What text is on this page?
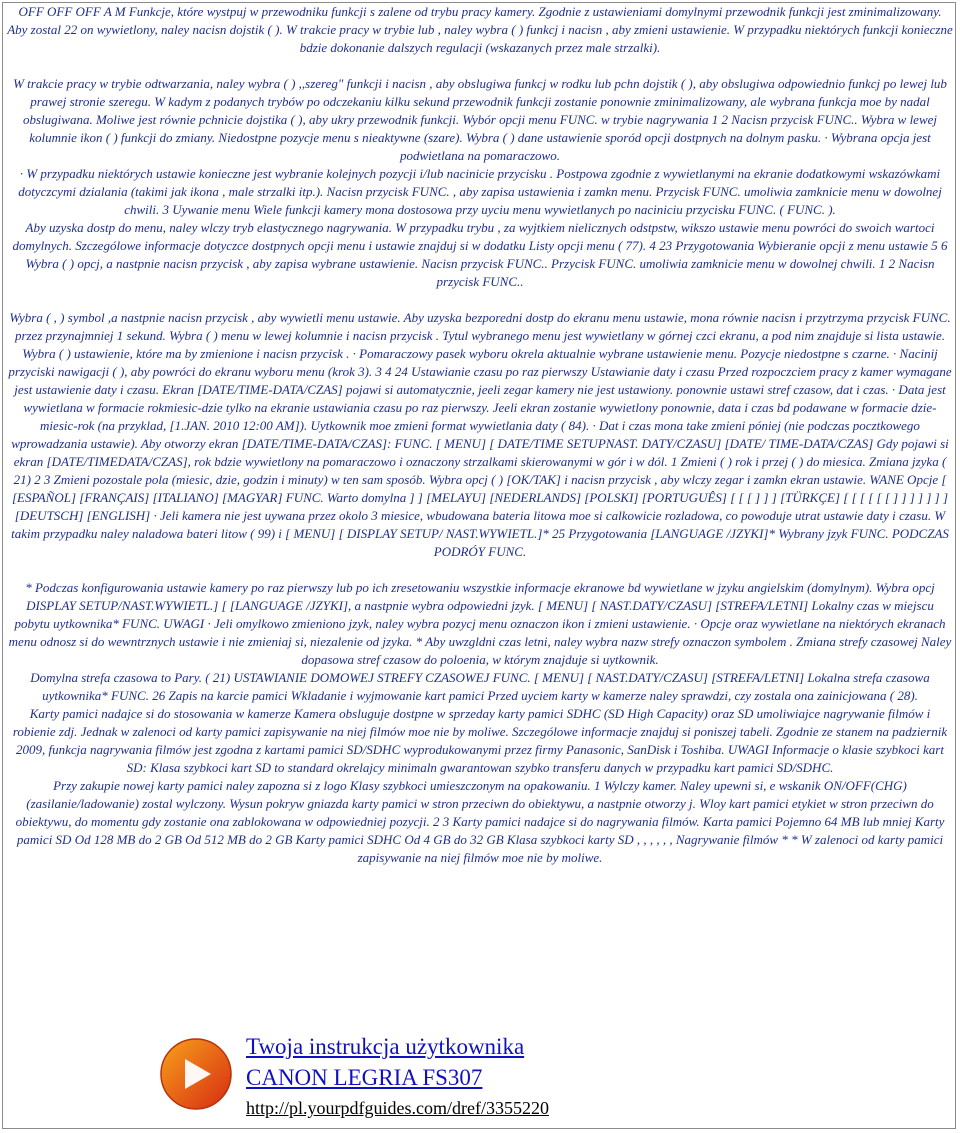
OFF OFF OFF A M Funkcje, które wystpuj w przewodniku funkcji s zalene od trybu pracy kamery. Zgodnie z ustawieniami domylnymi przewodnik funkcji jest zminimalizowany. Aby zostal 22 on wywietlony, naley nacisn dojstik ( ). W trakcie pracy w trybie lub , naley wybra ( ) funkcj i nacisn , aby zmieni ustawienie. W przypadku niektórych funkcji konieczne bdzie dokonanie dalszych regulacji (wskazanych przez male strzalki).

W trakcie pracy w trybie odtwarzania, naley wybra ( ) ,,szereg" funkcji i nacisn , aby obslugiwa funkcj w rodku lub pchn dojstik ( ), aby obslugiwa odpowiednio funkcj po lewej lub prawej stronie szeregu. W kadym z podanych trybów po odczekaniu kilku sekund przewodnik funkcji zostanie ponownie zminimalizowany, ale wybrana funkcja moe by nadal obslugiwana. Moliwe jest równie pchnicie dojstika ( ), aby ukry przewodnik funkcji. Wybór opcji menu FUNC. w trybie nagrywania 1 2 Nacisn przycisk FUNC.. Wybra w lewej kolumnie ikon ( ) funkcji do zmiany. Niedostpne pozycje menu s nieaktywne (szare). Wybra ( ) dane ustawienie sporód opcji dostpnych na dolnym pasku. · Wybrana opcja jest podwietlana na pomaraczowo.

· W przypadku niektórych ustawie konieczne jest wybranie kolejnych pozycji i/lub nacinicie przycisku . Postpowa zgodnie z wywietlanymi na ekranie dodatkowymi wskazówkami dotyczcymi dzialania (takimi jak ikona , male strzalki itp.). Nacisn przycisk FUNC. , aby zapisa ustawienia i zamkn menu. Przycisk FUNC. umoliwia zamknicie menu w dowolnej chwili. 3 Uywanie menu Wiele funkcji kamery mona dostosowa przy uyciu menu wywietlanych po naciniciu przycisku FUNC. ( FUNC. ).

Aby uzyska dostp do menu, naley wlczy tryb elastycznego nagrywania. W przypadku trybu , za wyjtkiem nielicznych odstpstw, wikszo ustawie menu powróci do swoich wartoci domylnych. Szczególowe informacje dotyczce dostpnych opcji menu i ustawie znajduj si w dodatku Listy opcji menu ( 77). 4 23 Przygotowania Wybieranie opcji z menu ustawie 5 6 Wybra ( ) opcj, a nastpnie nacisn przycisk , aby zapisa wybrane ustawienie. Nacisn przycisk FUNC.. Przycisk FUNC. umoliwia zamknicie menu w dowolnej chwili. 1 2 Nacisn przycisk FUNC..

Wybra ( , ) symbol ,a nastpnie nacisn przycisk , aby wywietli menu ustawie. Aby uzyska bezporedni dostp do ekranu menu ustawie, mona równie nacisn i przytrzyma przycisk FUNC. przez przynajmniej 1 sekund. Wybra ( ) menu w lewej kolumnie i nacisn przycisk . Tytul wybranego menu jest wywietlany w górnej czci ekranu, a pod nim znajduje si lista ustawie. Wybra ( ) ustawienie, które ma by zmienione i nacisn przycisk . · Pomaraczowy pasek wyboru okrela aktualnie wybrane ustawienie menu. Pozycje niedostpne s czarne. · Nacinij przyciski nawigacji ( ), aby powróci do ekranu wyboru menu (krok 3). 3 4 24 Ustawianie czasu po raz pierwszy Ustawianie daty i czasu Przed rozpoczciem pracy z kamer wymagane jest ustawienie daty i czasu. Ekran [DATE/TIME-DATA/CZAS] pojawi si automatycznie, jeeli zegar kamery nie jest ustawiony. ponownie ustawi stref czasow, dat i czas. · Data jest wywietlana w formacie rokmiesic-dzie tylko na ekranie ustawiania czasu po raz pierwszy. Jeeli ekran zostanie wywietlony ponownie, data i czas bd podawane w formacie dzie-miesic-rok (na przyklad, [1.JAN. 2010 12:00 AM]). Uytkownik moe zmieni format wywietlania daty ( 84). · Dat i czas mona take zmieni póniej (nie podczas pocztkowego wprowadzania ustawie). Aby otworzy ekran [DATE/TIME-DATA/CZAS]: FUNC. [ MENU] [ DATE/TIME SETUPNAST. DATY/CZASU] [DATE/ TIME-DATA/CZAS] Gdy pojawi si ekran [DATE/TIMEDATA/CZAS], rok bdzie wywietlony na pomaraczowo i oznaczony strzalkami skierowanymi w gór i w dól. 1 Zmieni ( ) rok i przej ( ) do miesica. Zmiana jzyka ( 21) 2 3 Zmieni pozostale pola (miesic, dzie, godzin i minuty) w ten sam sposób. Wybra opcj ( ) [OK/TAK] i nacisn przycisk , aby wlczy zegar i zamkn ekran ustawie. WANE Opcje [ [ESPAÑOL] [FRANÇAIS] [ITALIANO] [MAGYAR] FUNC. Warto domylna ] ] [MELAYU] [NEDERLANDS] [POLSKI] [PORTUGUÊS] [ [ [ ] ] ] [TÜRKÇE] [ [ [ [ [ [ ] ] ] ] ] ] ] [DEUTSCH] [ENGLISH] · Jeli kamera nie jest uywana przez okolo 3 miesice, wbudowana bateria litowa moe si calkowicie rozladowa, co powoduje utrat ustawie daty i czasu. W takim przypadku naley naladowa bateri litow ( 99) i [ MENU] [ DISPLAY SETUP/ NAST.WYWIETL.]* 25 Przygotowania [LANGUAGE /JZYKI]* Wybrany jzyk FUNC. PODCZAS PODRÓY FUNC.

* Podczas konfigurowania ustawie kamery po raz pierwszy lub po ich zresetowaniu wszystkie informacje ekranowe bd wywietlane w jzyku angielskim (domylnym). Wybra opcj DISPLAY SETUP/NAST.WYWIETL.] [ [LANGUAGE /JZYKI], a nastpnie wybra odpowiedni jzyk. [ MENU] [ NAST.DATY/CZASU] [STREFA/LETNI] Lokalny czas w miejscu pobytu uytkownika* FUNC. UWAGI · Jeli omylkowo zmieniono jzyk, naley wybra pozycj menu oznaczon ikon i zmieni ustawienie. · Opcje oraz wywietlane na niektórych ekranach menu odnosz si do wewntrznych ustawie i nie zmieniaj si, niezalenie od jzyka. * Aby uwzgldni czas letni, naley wybra nazw strefy oznaczon symbolem . Zmiana strefy czasowej Naley dopasowa stref czasow do poloenia, w którym znajduje si uytkownik.

Domylna strefa czasowa to Pary. ( 21) USTAWIANIE DOMOWEJ STREFY CZASOWEJ FUNC. [ MENU] [ NAST.DATY/CZASU] [STREFA/LETNI] Lokalna strefa czasowa uytkownika* FUNC. 26 Zapis na karcie pamici Wkladanie i wyjmowanie kart pamici Przed uyciem karty w kamerze naley sprawdzi, czy zostala ona zainicjowana ( 28).

Karty pamici nadajce si do stosowania w kamerze Kamera obsluguje dostpne w sprzeday karty pamici SDHC (SD High Capacity) oraz SD umoliwiajce nagrywanie filmów i robienie zdj. Jednak w zalenoci od karty pamici zapisywanie na niej filmów moe nie by moliwe. Szczególowe informacje znajduj si poniszej tabeli. Zgodnie ze stanem na padziernik 2009, funkcja nagrywania filmów jest zgodna z kartami pamici SD/SDHC wyprodukowanymi przez firmy Panasonic, SanDisk i Toshiba. UWAGI Informacje o klasie szybkoci kart SD: Klasa szybkoci kart SD to standard okrelajcy minimaln gwarantowan szybko transferu danych w przypadku kart pamici SD/SDHC.

Przy zakupie nowej karty pamici naley zapozna si z logo Klasy szybkoci umieszczonym na opakowaniu. 1 Wylczy kamer. Naley upewni si, e wskanik ON/OFF(CHG) (zasilanie/ladowanie) zostal wylczony. Wysun pokryw gniazda karty pamici w stron przeciwn do obiektywu, a nastpnie otworzy j. Wloy kart pamici etykiet w stron przeciwn do obiektywu, do momentu gdy zostanie ona zablokowana w odpowiedniej pozycji. 2 3 Karty pamici nadajce si do nagrywania filmów. Karta pamici Pojemno 64 MB lub mniej Karty pamici SD Od 128 MB do 2 GB Od 512 MB do 2 GB Karty pamici SDHC Od 4 GB do 32 GB Klasa szybkoci karty SD , , , , , , Nagrywanie filmów * * W zalenoci od karty pamici zapisywanie na niej filmów moe nie by moliwe.

Twoja instrukcja użytkownika
CANON LEGRIA FS307
http://pl.yourpdfguides.com/dref/3355220
